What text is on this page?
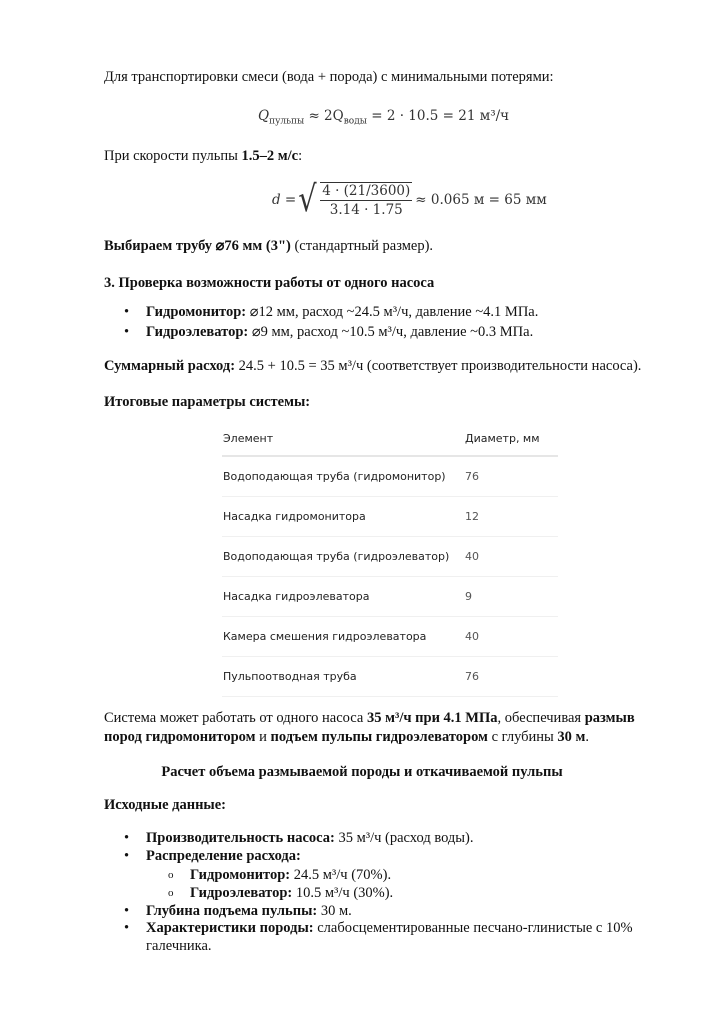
Для транспортировки смеси (вода + порода) с минимальными потерями:
$Q_{пульпы} \approx 2Q_{воды} = 2 \cdot 10.5 = 21$ м³/ч
При скорости пульпы 1.5–2 м/с:
d = √ $\frac{4 \cdot (21/3600)}{3.14 \cdot 1.75} \approx 0.065$ м = 65 мм
Выбираем трубу ⌀76 мм (3") (стандартный размер).
3. Проверка возможности работы от одного насоса
• Гидромонитор: ⌀12 мм, расход ~24.5 м³/ч, давление ~4.1 МПа.
• Гидроэлеватор: ⌀9 мм, расход ~10.5 м³/ч, давление ~0.3 МПа.
Суммарный расход: 24.5 + 10.5 = 35 м³/ч (соответствует производительности насоса).
Итоговые параметры системы:
Элемент	Диаметр, мм
Водоподающая труба (гидромонитор)	76
Насадка гидромонитора	12
Водоподающая труба (гидроэлеватор)	40
Насадка гидроэлеватора	9
Камера смешения гидроэлеватора	40
Пульпоотводная труба	76
Система может работать от одного насоса 35 м³/ч при 4.1 МПа, обеспечивая размыв
пород гидромонитором и подъем пульпы гидроэлеватором с глубины 30 м.
Расчет объема размываемой породы и откачиваемой пульпы
Исходные данные:
• Производительность насоса: 35 м³/ч (расход воды).
• Распределение расхода:
o Гидромонитор: 24.5 м³/ч (70%).
o Гидроэлеватор: 10.5 м³/ч (30%).
• Глубина подъема пульпы: 30 м.
• Характеристики породы: слабосцементированные песчано-глинистые с 10%
галечника.
